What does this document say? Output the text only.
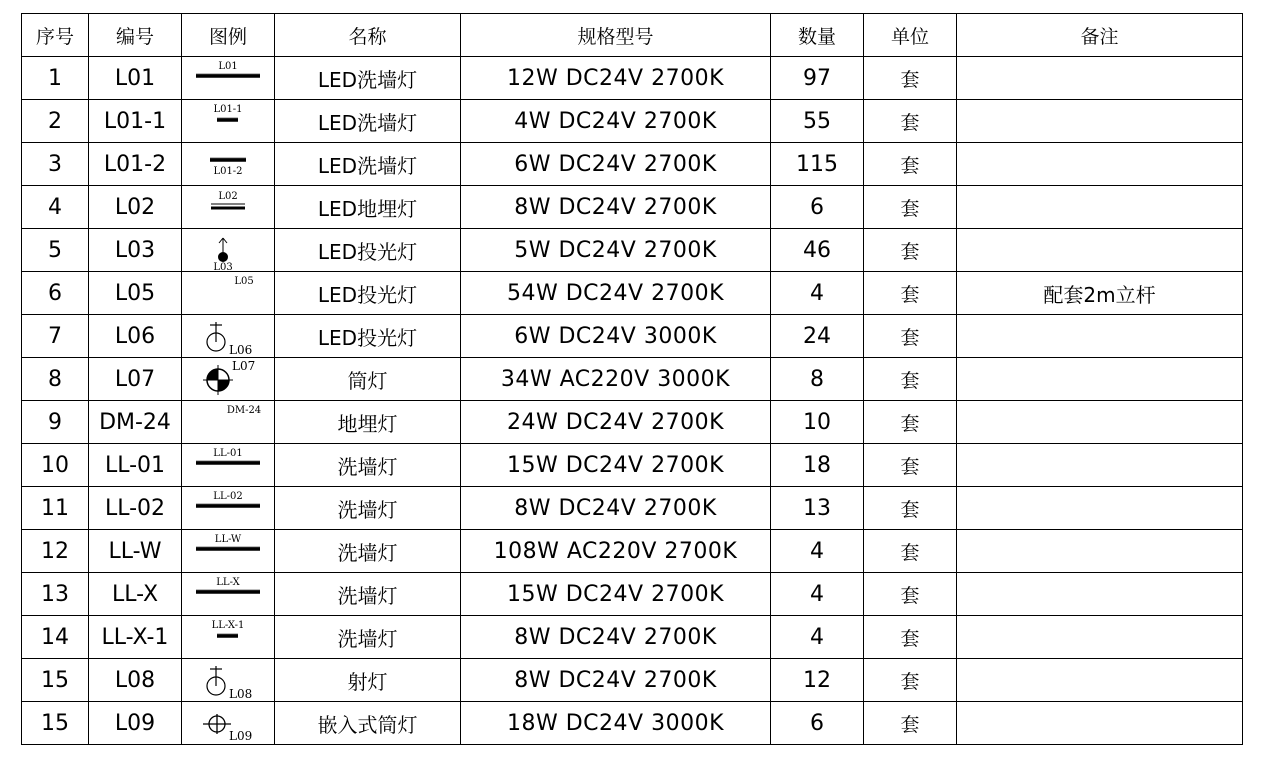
序号	编号	图例	名称	规格型号	数量	单位	备注
1	L01	L01	LED洗墙灯	12W DC24V 2700K	97	套	
2	L01-1	L01-1	LED洗墙灯	4W DC24V 2700K	55	套	
3	L01-2	L01-2	LED洗墙灯	6W DC24V 2700K	115	套	
4	L02	L02	LED地埋灯	8W DC24V 2700K	6	套	
5	L03	L03	LED投光灯	5W DC24V 2700K	46	套	
6	L05	L05	LED投光灯	54W DC24V 2700K	4	套	配套2m立杆
7	L06	L06	LED投光灯	6W DC24V 3000K	24	套	
8	L07	L07	筒灯	34W AC220V 3000K	8	套	
9	DM-24	DM-24	地埋灯	24W DC24V 2700K	10	套	
10	LL-01	LL-01	洗墙灯	15W DC24V 2700K	18	套	
11	LL-02	LL-02	洗墙灯	8W DC24V 2700K	13	套	
12	LL-W	LL-W	洗墙灯	108W AC220V 2700K	4	套	
13	LL-X	LL-X	洗墙灯	15W DC24V 2700K	4	套	
14	LL-X-1	LL-X-1	洗墙灯	8W DC24V 2700K	4	套	
15	L08	L08	射灯	8W DC24V 2700K	12	套	
15	L09	L09	嵌入式筒灯	18W DC24V 3000K	6	套	
